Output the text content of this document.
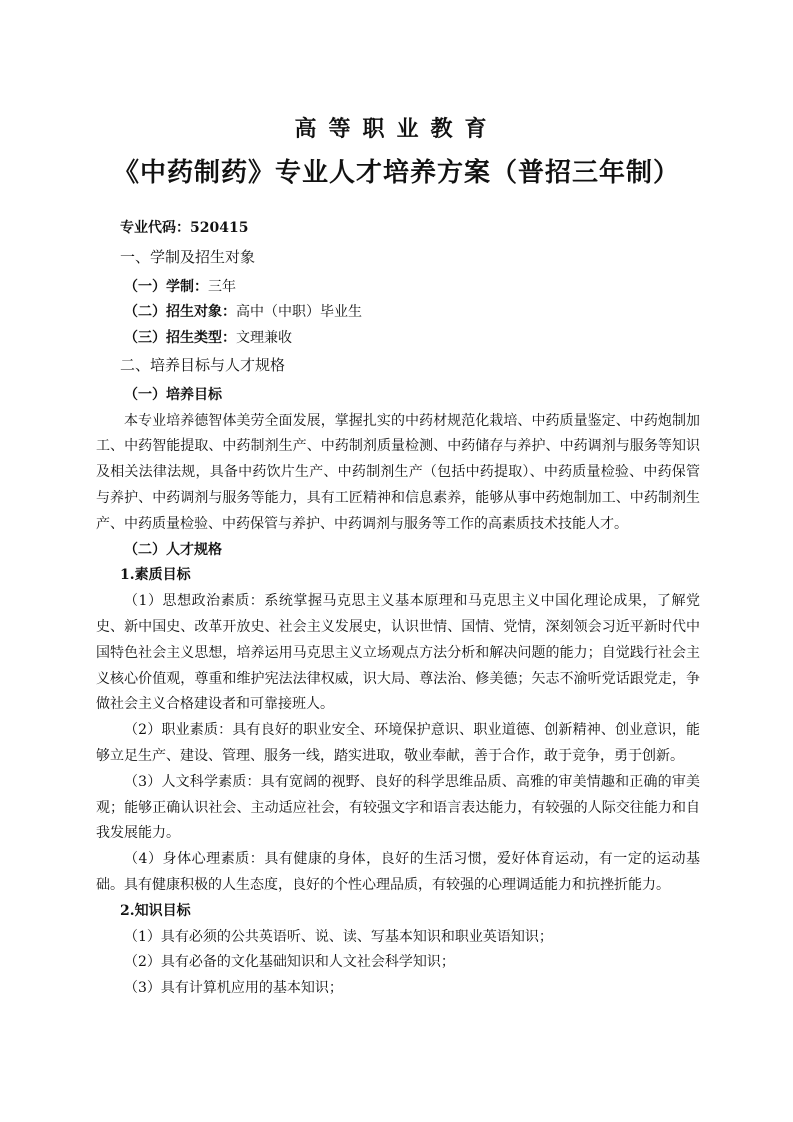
高等职业教育
《中药制药》专业人才培养方案（普招三年制）

专业代码：520415

一、学制及招生对象

（一）学制：三年

（二）招生对象：高中（中职）毕业生

（三）招生类型：文理兼收

二、培养目标与人才规格

（一）培养目标

本专业培养德智体美劳全面发展，掌握扎实的中药材规范化栽培、中药质量鉴定、中药炮制加工、中药智能提取、中药制剂生产、中药制剂质量检测、中药储存与养护、中药调剂与服务等知识及相关法律法规，具备中药饮片生产、中药制剂生产（包括中药提取）、中药质量检验、中药保管与养护、中药调剂与服务等能力，具有工匠精神和信息素养，能够从事中药炮制加工、中药制剂生产、中药质量检验、中药保管与养护、中药调剂与服务等工作的高素质技术技能人才。

（二）人才规格

1.素质目标

（1）思想政治素质：系统掌握马克思主义基本原理和马克思主义中国化理论成果，了解党史、新中国史、改革开放史、社会主义发展史，认识世情、国情、党情，深刻领会习近平新时代中国特色社会主义思想，培养运用马克思主义立场观点方法分析和解决问题的能力；自觉践行社会主义核心价值观，尊重和维护宪法法律权威，识大局、尊法治、修美德；矢志不渝听党话跟党走，争做社会主义合格建设者和可靠接班人。

（2）职业素质：具有良好的职业安全、环境保护意识、职业道德、创新精神、创业意识，能够立足生产、建设、管理、服务一线，踏实进取，敬业奉献，善于合作，敢于竞争，勇于创新。

（3）人文科学素质：具有宽阔的视野、良好的科学思维品质、高雅的审美情趣和正确的审美观；能够正确认识社会、主动适应社会，有较强文字和语言表达能力，有较强的人际交往能力和自我发展能力。

（4）身体心理素质：具有健康的身体，良好的生活习惯，爱好体育运动，有一定的运动基础。具有健康积极的人生态度，良好的个性心理品质，有较强的心理调适能力和抗挫折能力。

2.知识目标

（1）具有必须的公共英语听、说、读、写基本知识和职业英语知识；

（2）具有必备的文化基础知识和人文社会科学知识；

（3）具有计算机应用的基本知识；
